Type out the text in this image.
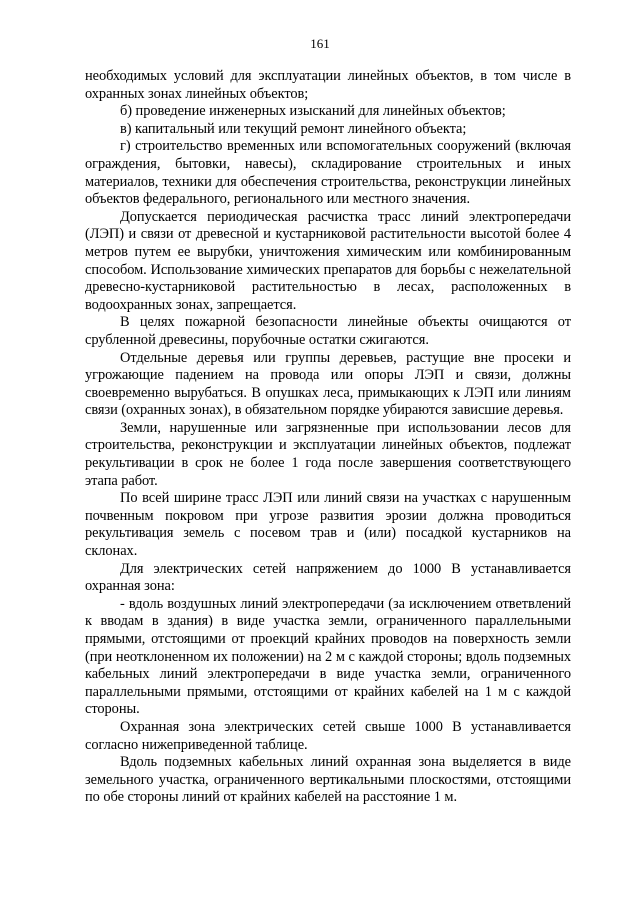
161

необходимых условий для эксплуатации линейных объектов, в том числе в охранных зонах линейных объектов;

б) проведение инженерных изысканий для линейных объектов;

в) капитальный или текущий ремонт линейного объекта;

г) строительство временных или вспомогательных сооружений (включая ограждения, бытовки, навесы), складирование строительных и иных материалов, техники для обеспечения строительства, реконструкции линейных объектов федерального, регионального или местного значения.

Допускается периодическая расчистка трасс линий электропередачи (ЛЭП) и связи от древесной и кустарниковой растительности высотой более 4 метров путем ее вырубки, уничтожения химическим или комбинированным способом. Использование химических препаратов для борьбы с нежелательной древесно-кустарниковой растительностью в лесах, расположенных в водоохранных зонах, запрещается.

В целях пожарной безопасности линейные объекты очищаются от срубленной древесины, порубочные остатки сжигаются.

Отдельные деревья или группы деревьев, растущие вне просеки и угрожающие падением на провода или опоры ЛЭП и связи, должны своевременно вырубаться. В опушках леса, примыкающих к ЛЭП или линиям связи (охранных зонах), в обязательном порядке убираются зависшие деревья.

Земли, нарушенные или загрязненные при использовании лесов для строительства, реконструкции и эксплуатации линейных объектов, подлежат рекультивации в срок не более 1 года после завершения соответствующего этапа работ.

По всей ширине трасс ЛЭП или линий связи на участках с нарушенным почвенным покровом при угрозе развития эрозии должна проводиться рекультивация земель с посевом трав и (или) посадкой кустарников на склонах.

Для электрических сетей напряжением до 1000 В устанавливается охранная зона:

- вдоль воздушных линий электропередачи (за исключением ответвлений к вводам в здания) в виде участка земли, ограниченного параллельными прямыми, отстоящими от проекций крайних проводов на поверхность земли (при неотклоненном их положении) на 2 м с каждой стороны; вдоль подземных кабельных линий электропередачи в виде участка земли, ограниченного параллельными прямыми, отстоящими от крайних кабелей на 1 м с каждой стороны.

Охранная зона электрических сетей свыше 1000 В устанавливается согласно нижеприведенной таблице.

Вдоль подземных кабельных линий охранная зона выделяется в виде земельного участка, ограниченного вертикальными плоскостями, отстоящими по обе стороны линий от крайних кабелей на расстояние 1 м.
